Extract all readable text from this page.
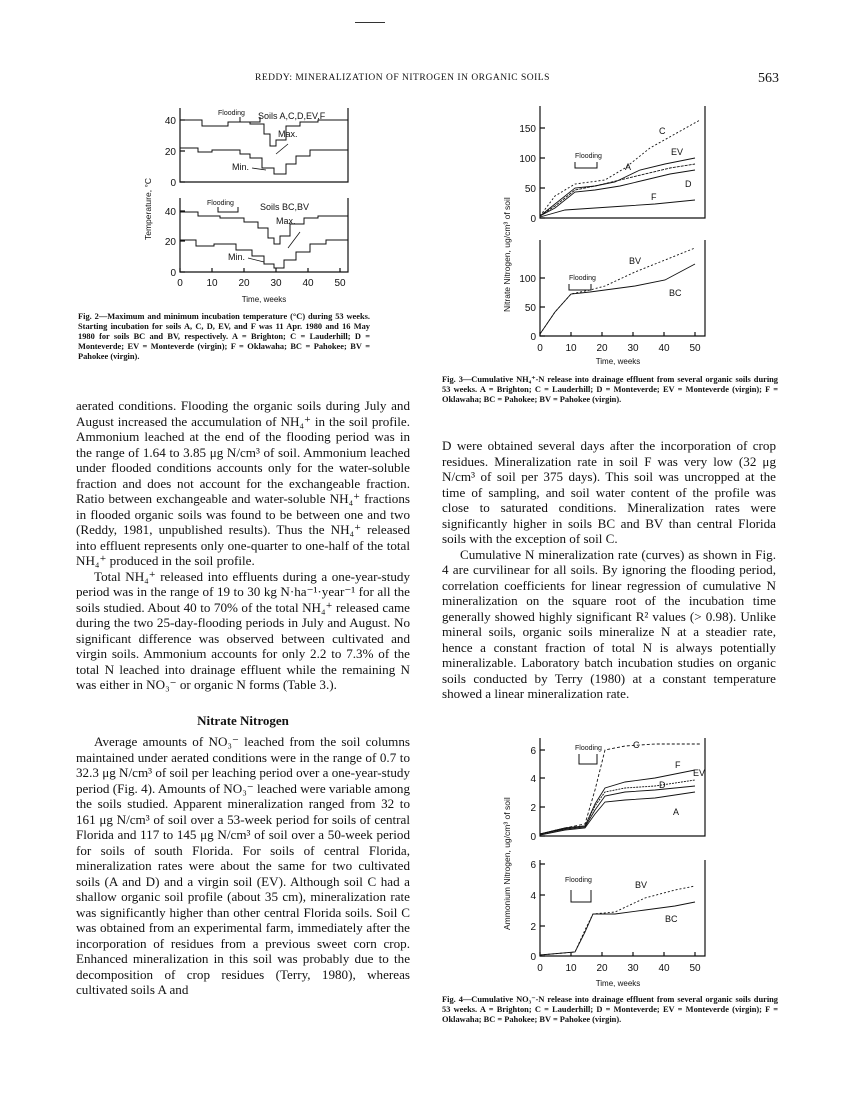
REDDY: MINERALIZATION OF NITROGEN IN ORGANIC SOILS	563
40
20
0
40
20
0
0 10 20 30 40 50
Time, weeks
Temperature, °C
Flooding Soils A,C,D,EV,F
Max.
Min.
Flooding	Soils BC,BV
Max.
Min.
Fig. 2—Maximum and minimum incubation temperature (°C) during 53 weeks. Starting incubation for soils A, C, D, EV, and F was 11 Apr. 1980 and 16 May 1980 for soils BC and BV, respectively. A = Brighton; C = Lauderhill; D = Monteverde; EV = Monteverde (virgin); F = Oklawaha; BC = Pahokee; BV = Pahokee (virgin).
150
100
50
0
100
50
0
0 10 20 30 40 50
Time, weeks
Nitrate Nitrogen, ug/cm³ of soil
Flooding
C
EV
A
D
F
Flooding
BV
BC
Fig. 3—Cumulative NH₄⁺-N release into drainage effluent from several organic soils during 53 weeks. A = Brighton; C = Lauderhill; D = Monteverde; EV = Monteverde (virgin); F = Oklawaha; BC = Pahokee; BV = Pahokee (virgin).

aerated conditions. Flooding the organic soils during July and August increased the accumulation of NH₄⁺ in the soil profile. Ammonium leached at the end of the flooding period was in the range of 1.64 to 3.85 μg N/cm³ of soil. Ammonium leached under flooded conditions accounts only for the water-soluble fraction and does not account for the exchangeable fraction. Ratio between exchangeable and water-soluble NH₄⁺ fractions in flooded organic soils was found to be between one and two (Reddy, 1981, unpublished results). Thus the NH₄⁺ released into effluent represents only one-quarter to one-half of the total NH₄⁺ produced in the soil profile.

Total NH₄⁺ released into effluents during a one-year-study period was in the range of 19 to 30 kg N·ha⁻¹·year⁻¹ for all the soils studied. About 40 to 70% of the total NH₄⁺ released came during the two 25-day-flooding periods in July and August. No significant difference was observed between cultivated and virgin soils. Ammonium accounts for only 2.2 to 7.3% of the total N leached into drainage effluent while the remaining N was either in NO₃⁻ or organic N forms (Table 3.).

Nitrate Nitrogen

Average amounts of NO₃⁻ leached from the soil columns maintained under aerated conditions were in the range of 0.7 to 32.3 μg N/cm³ of soil per leaching period over a one-year-study period (Fig. 4). Amounts of NO₃⁻ leached were variable among the soils studied. Apparent mineralization ranged from 32 to 161 μg N/cm³ of soil over a 53-week period for soils of central Florida and 117 to 145 μg N/cm³ of soil over a 50-week period for soils of south Florida. For soils of central Florida, mineralization rates were about the same for two cultivated soils (A and D) and a virgin soil (EV). Although soil C had a shallow organic soil profile (about 35 cm), mineralization rate was significantly higher than other central Florida soils. Soil C was obtained from an experimental farm, immediately after the incorporation of residues from a previous sweet corn crop. Enhanced mineralization in this soil was probably due to the decomposition of crop residues (Terry, 1980), whereas cultivated soils A and

D were obtained several days after the incorporation of crop residues. Mineralization rate in soil F was very low (32 μg N/cm³ of soil per 375 days). This soil was uncropped at the time of sampling, and soil water content of the profile was close to saturated conditions. Mineralization rates were significantly higher in soils BC and BV than central Florida soils with the exception of soil C.

Cumulative N mineralization rate (curves) as shown in Fig. 4 are curvilinear for all soils. By ignoring the flooding period, correlation coefficients for linear regression of cumulative N mineralization on the square root of the incubation time generally showed highly significant R² values (> 0.98). Unlike mineral soils, organic soils mineralize N at a steadier rate, hence a constant fraction of total N is always potentially mineralizable. Laboratory batch incubation studies on organic soils conducted by Terry (1980) at a constant temperature showed a linear mineralization rate.

6
4
2
0
6
4
2
0
0 10 20 30 40 50
Time, weeks
Ammonium Nitrogen, ug/cm³ of soil
Flooding	C
F
EV
D
A
Flooding	BV
BC
Fig. 4—Cumulative NO₃⁻-N release into drainage effluent from several organic soils during 53 weeks. A = Brighton; C = Lauderhill; D = Monteverde; EV = Monteverde (virgin); F = Oklawaha; BC = Pahokee; BV = Pahokee (virgin).
